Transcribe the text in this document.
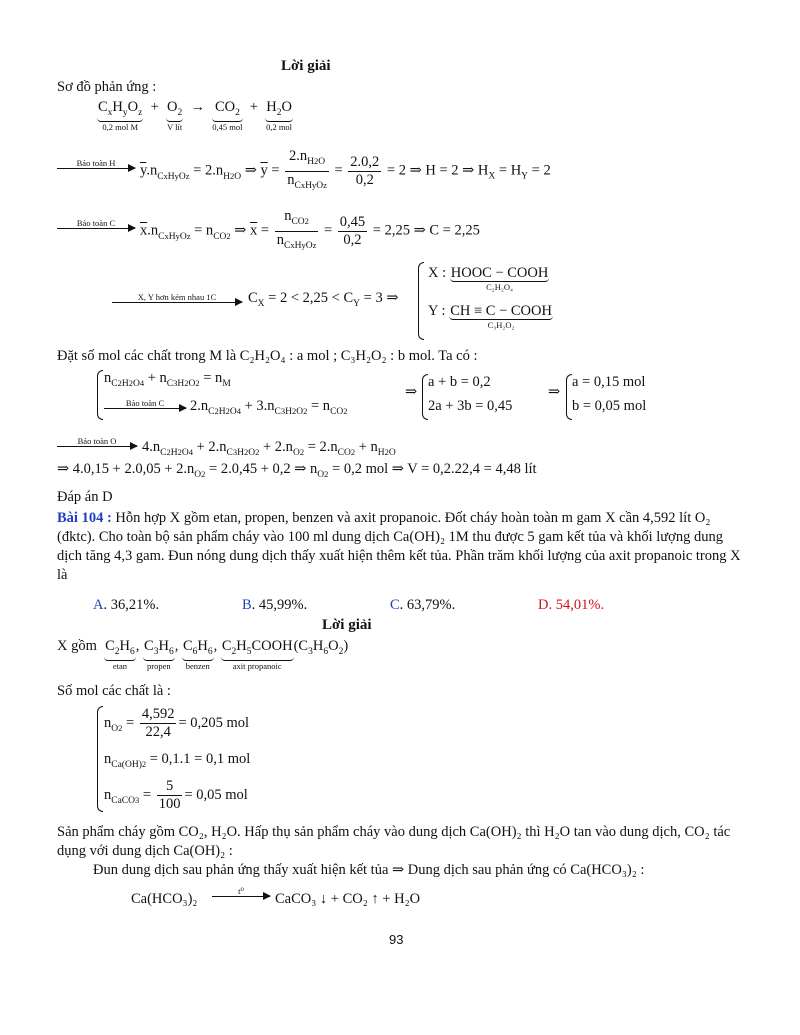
Lời giải
Sơ đồ phản ứng :
$C_xH_yO_z$
0,2 mol M
+ $O_2$
V lít
→ $CO_2$
0,45 mol
+ $H_2O$
0,2 mol
Bảo toàn H	$\overline{y}.n_{CxHyOz} = 2.n_{H2O}$ ⇒ $\overline{y} = \frac{2.n_{H2O}}{n_{CxHyOz}} = \frac{2.0,2}{0,2} = 2$ ⇒ H = 2 ⇒ $H_X = H_Y = 2$
Bảo toàn C	$\overline{x}.n_{CxHyOz} = n_{CO2}$ ⇒ $\overline{x} = \frac{n_{CO2}}{n_{CxHyOz}} = \frac{0,45}{0,2} = 2,25$ ⇒ C = 2,25
X, Y hơn kém nhau 1C	$C_X = 2 < 2,25 < C_Y = 3$ ⇒
X : HOOC − COOH
C₂H₂O₄
Y : CH ≡ C − COOH
C₃H₂O₂
Đặt số mol các chất trong M là C₂H₂O₄ : a mol ; C₃H₂O₂ : b mol. Ta có :
$n_{C2H2O4} + n_{C3H2O2} = n_M$
Bảo toàn C	$2.n_{C2H2O4} + 3.n_{C3H2O2} = n_{CO2}$
⇒
a + b = 0,2
2a + 3b = 0,45
⇒
a = 0,15 mol
b = 0,05 mol
Bảo toàn O	$4.n_{C2H2O4} + 2.n_{C3H2O2} + 2.n_{O2} = 2.n_{CO2} + n_{H2O}$
⇒ $4.0,15 + 2.0,05 + 2.n_{O2} = 2.0,45 + 0,2$ ⇒ $n_{O2} = 0,2$ mol ⇒ V = 0,2.22,4 = 4,48 lít
Đáp án D

Bài 104 : Hỗn hợp X gồm etan, propen, benzen và axit propanoic. Đốt cháy hoàn toàn m gam X cần 4,592 lít O₂ (đktc). Cho toàn bộ sản phẩm cháy vào 100 ml dung dịch Ca(OH)₂ 1M thu được 5 gam kết tủa và khối lượng dung dịch tăng 4,3 gam. Đun nóng dung dịch thấy xuất hiện thêm kết tủa. Phần trăm khối lượng của axit propanoic trong X là

A. 36,21%.	B. 45,99%.	C. 63,79%.	D. 54,01%.
Lời giải
X gồm $C_2H_6$
etan
, $C_3H_6$
propen
, $C_6H_6$
benzen
, $C_2H_5COOH$
axit propanoic
$(C_3H_6O_2)$
Số mol các chất là :
$n_{O2} = \frac{4,592}{22,4} = 0,205$ mol
$n_{Ca(OH)2} = 0,1.1 = 0,1$ mol
$n_{CaCO3} = \frac{5}{100} = 0,05$ mol

Sản phẩm cháy gồm CO₂, H₂O. Hấp thụ sản phẩm cháy vào dung dịch Ca(OH)₂ thì H₂O tan vào dung dịch, CO₂ tác dụng với dung dịch Ca(OH)₂ :

Đun dung dịch sau phản ứng thấy xuất hiện kết tủa ⇒ Dung dịch sau phản ứng có Ca(HCO₃)₂ :
Ca(HCO₃)₂	t⁰	CaCO₃ ↓ + CO₂ ↑ + H₂O
93
